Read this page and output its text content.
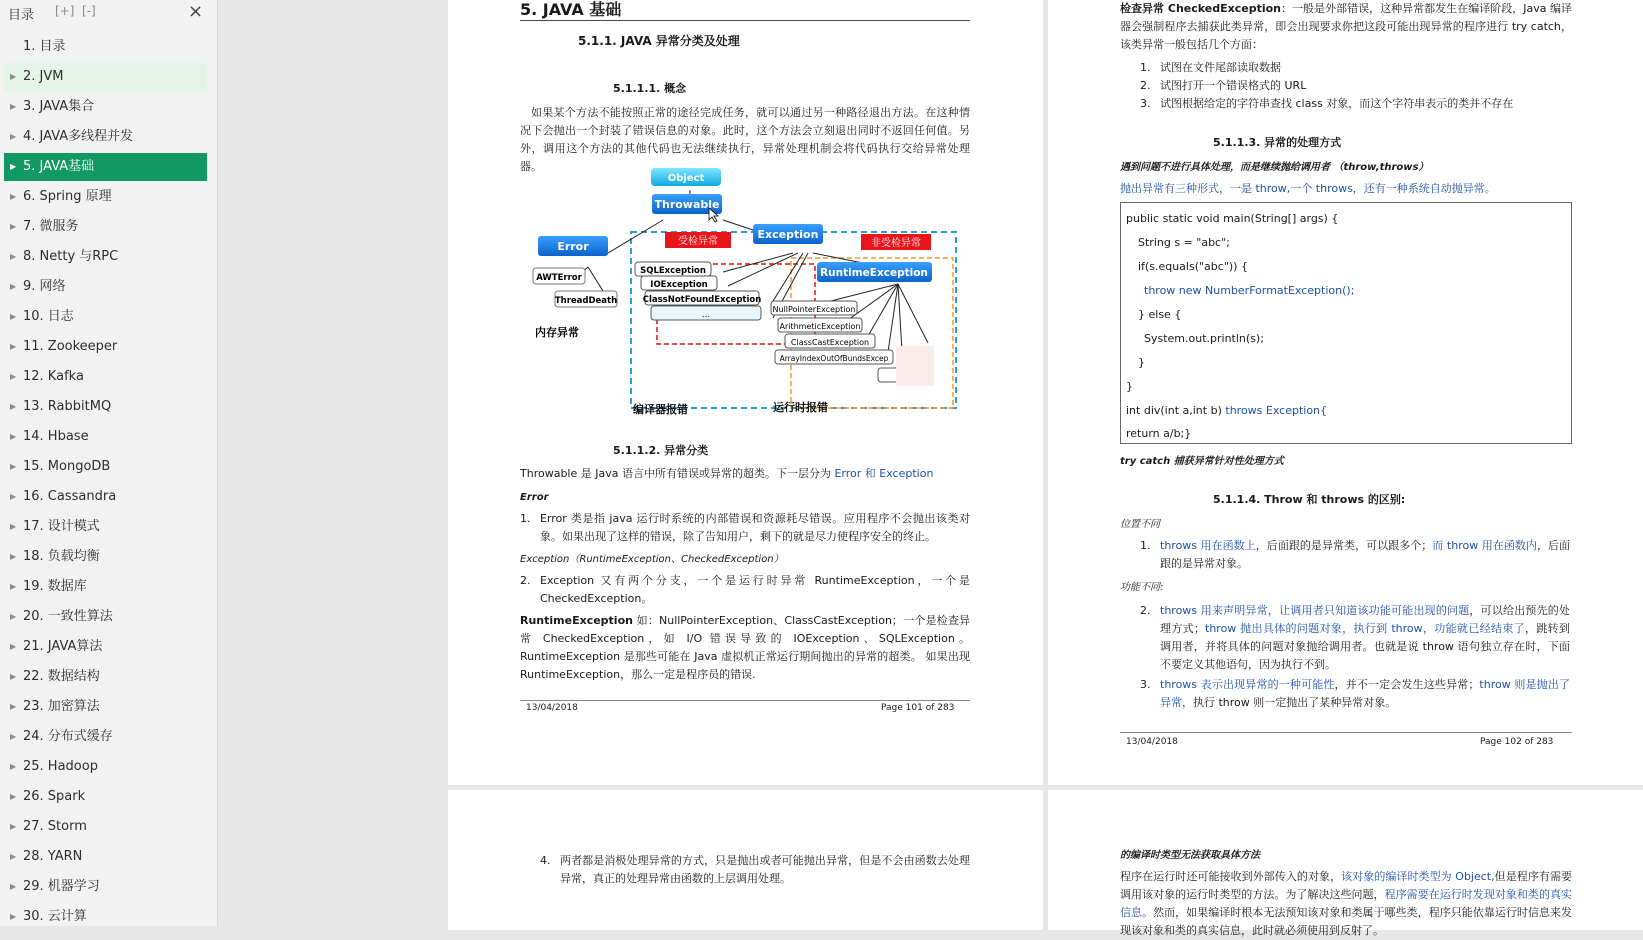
目录 [+] [-]	×
1. 目录
▶ 2. JVM
▶ 3. JAVA集合
▶ 4. JAVA多线程并发
▶ 5. JAVA基础
▶ 6. Spring 原理
▶ 7. 微服务
▶ 8. Netty 与RPC
▶ 9. 网络
▶ 10. 日志
▶ 11. Zookeeper
▶ 12. Kafka
▶ 13. RabbitMQ
▶ 14. Hbase
▶ 15. MongoDB
▶ 16. Cassandra
▶ 17. 设计模式
▶ 18. 负载均衡
▶ 19. 数据库
▶ 20. 一致性算法
▶ 21. JAVA算法
▶ 22. 数据结构
▶ 23. 加密算法
▶ 24. 分布式缓存
▶ 25. Hadoop
▶ 26. Spark
▶ 27. Storm
▶ 28. YARN
▶ 29. 机器学习
▶ 30. 云计算
5. JAVA 基础
5.1.1. JAVA 异常分类及处理
5.1.1.1. 概念
如果某个方法不能按照正常的途径完成任务，就可以通过另一种路径退出方法。在这种情况下会抛出一个封装了错误信息的对象。此时，这个方法会立刻退出同时不返回任何值。另外，调用这个方法的其他代码也无法继续执行，异常处理机制会将代码执行交给异常处理器。
Object
Throwable
Error
Exception
受检异常	非受检异常
RuntimeException
AWTError
ThreadDeath
SQLException
IOException
ClassNotFoundException
...
NullPointerException
ArithmeticException
ClassCastException
ArrayIndexOutOfBundsExcep
内存异常
编译器报错	运行时报错
5.1.1.2. 异常分类
Throwable 是 Java 语言中所有错误或异常的超类。下一层分为 Error 和 Exception
Error
1. Error 类是指 java 运行时系统的内部错误和资源耗尽错误。应用程序不会抛出该类对象。如果出现了这样的错误，除了告知用户，剩下的就是尽力使程序安全的终止。
Exception（RuntimeException、CheckedException）
2. Exception 又有两个分支，一个是运行时异常 RuntimeException，一个是 CheckedException。
RuntimeException 如：NullPointerException、ClassCastException；一个是检查异常 CheckedException，如 I/O 错误导致的 IOException、SQLException。 RuntimeException 是那些可能在 Java 虚拟机正常运行期间抛出的异常的超类。 如果出现 RuntimeException，那么一定是程序员的错误.
13/04/2018	Page 101 of 283
检查异常 CheckedException：一般是外部错误，这种异常都发生在编译阶段，Java 编译器会强制程序去捕获此类异常，即会出现要求你把这段可能出现异常的程序进行 try catch，该类异常一般包括几个方面：
1. 试图在文件尾部读取数据
2. 试图打开一个错误格式的 URL
3. 试图根据给定的字符串查找 class 对象，而这个字符串表示的类并不存在
5.1.1.3. 异常的处理方式
遇到问题不进行具体处理，而是继续抛给调用者 （throw,throws）
抛出异常有三种形式，一是 throw,一个 throws，还有一种系统自动抛异常。
public static void main(String[] args) {
String s = "abc";
if(s.equals("abc")) {
throw new NumberFormatException();
} else {
System.out.println(s);
}
}
int div(int a,int b) throws Exception{
return a/b;}
try catch 捕获异常针对性处理方式
5.1.1.4. Throw 和 throws 的区别:
位置不同
1. throws 用在函数上，后面跟的是异常类，可以跟多个；而 throw 用在函数内，后面跟的是异常对象。
功能不同:
2. throws 用来声明异常，让调用者只知道该功能可能出现的问题，可以给出预先的处理方式；throw 抛出具体的问题对象，执行到 throw，功能就已经结束了，跳转到调用者，并将具体的问题对象抛给调用者。也就是说 throw 语句独立存在时，下面不要定义其他语句，因为执行不到。
3. throws 表示出现异常的一种可能性，并不一定会发生这些异常；throw 则是抛出了异常，执行 throw 则一定抛出了某种异常对象。
13/04/2018	Page 102 of 283
4. 两者都是消极处理异常的方式，只是抛出或者可能抛出异常，但是不会由函数去处理异常，真正的处理异常由函数的上层调用处理。
的编译时类型无法获取具体方法
程序在运行时还可能接收到外部传入的对象，该对象的编译时类型为 Object,但是程序有需要调用该对象的运行时类型的方法。为了解决这些问题，程序需要在运行时发现对象和类的真实信息。然而，如果编译时根本无法预知该对象和类属于哪些类，程序只能依靠运行时信息来发现该对象和类的真实信息，此时就必须使用到反射了。
